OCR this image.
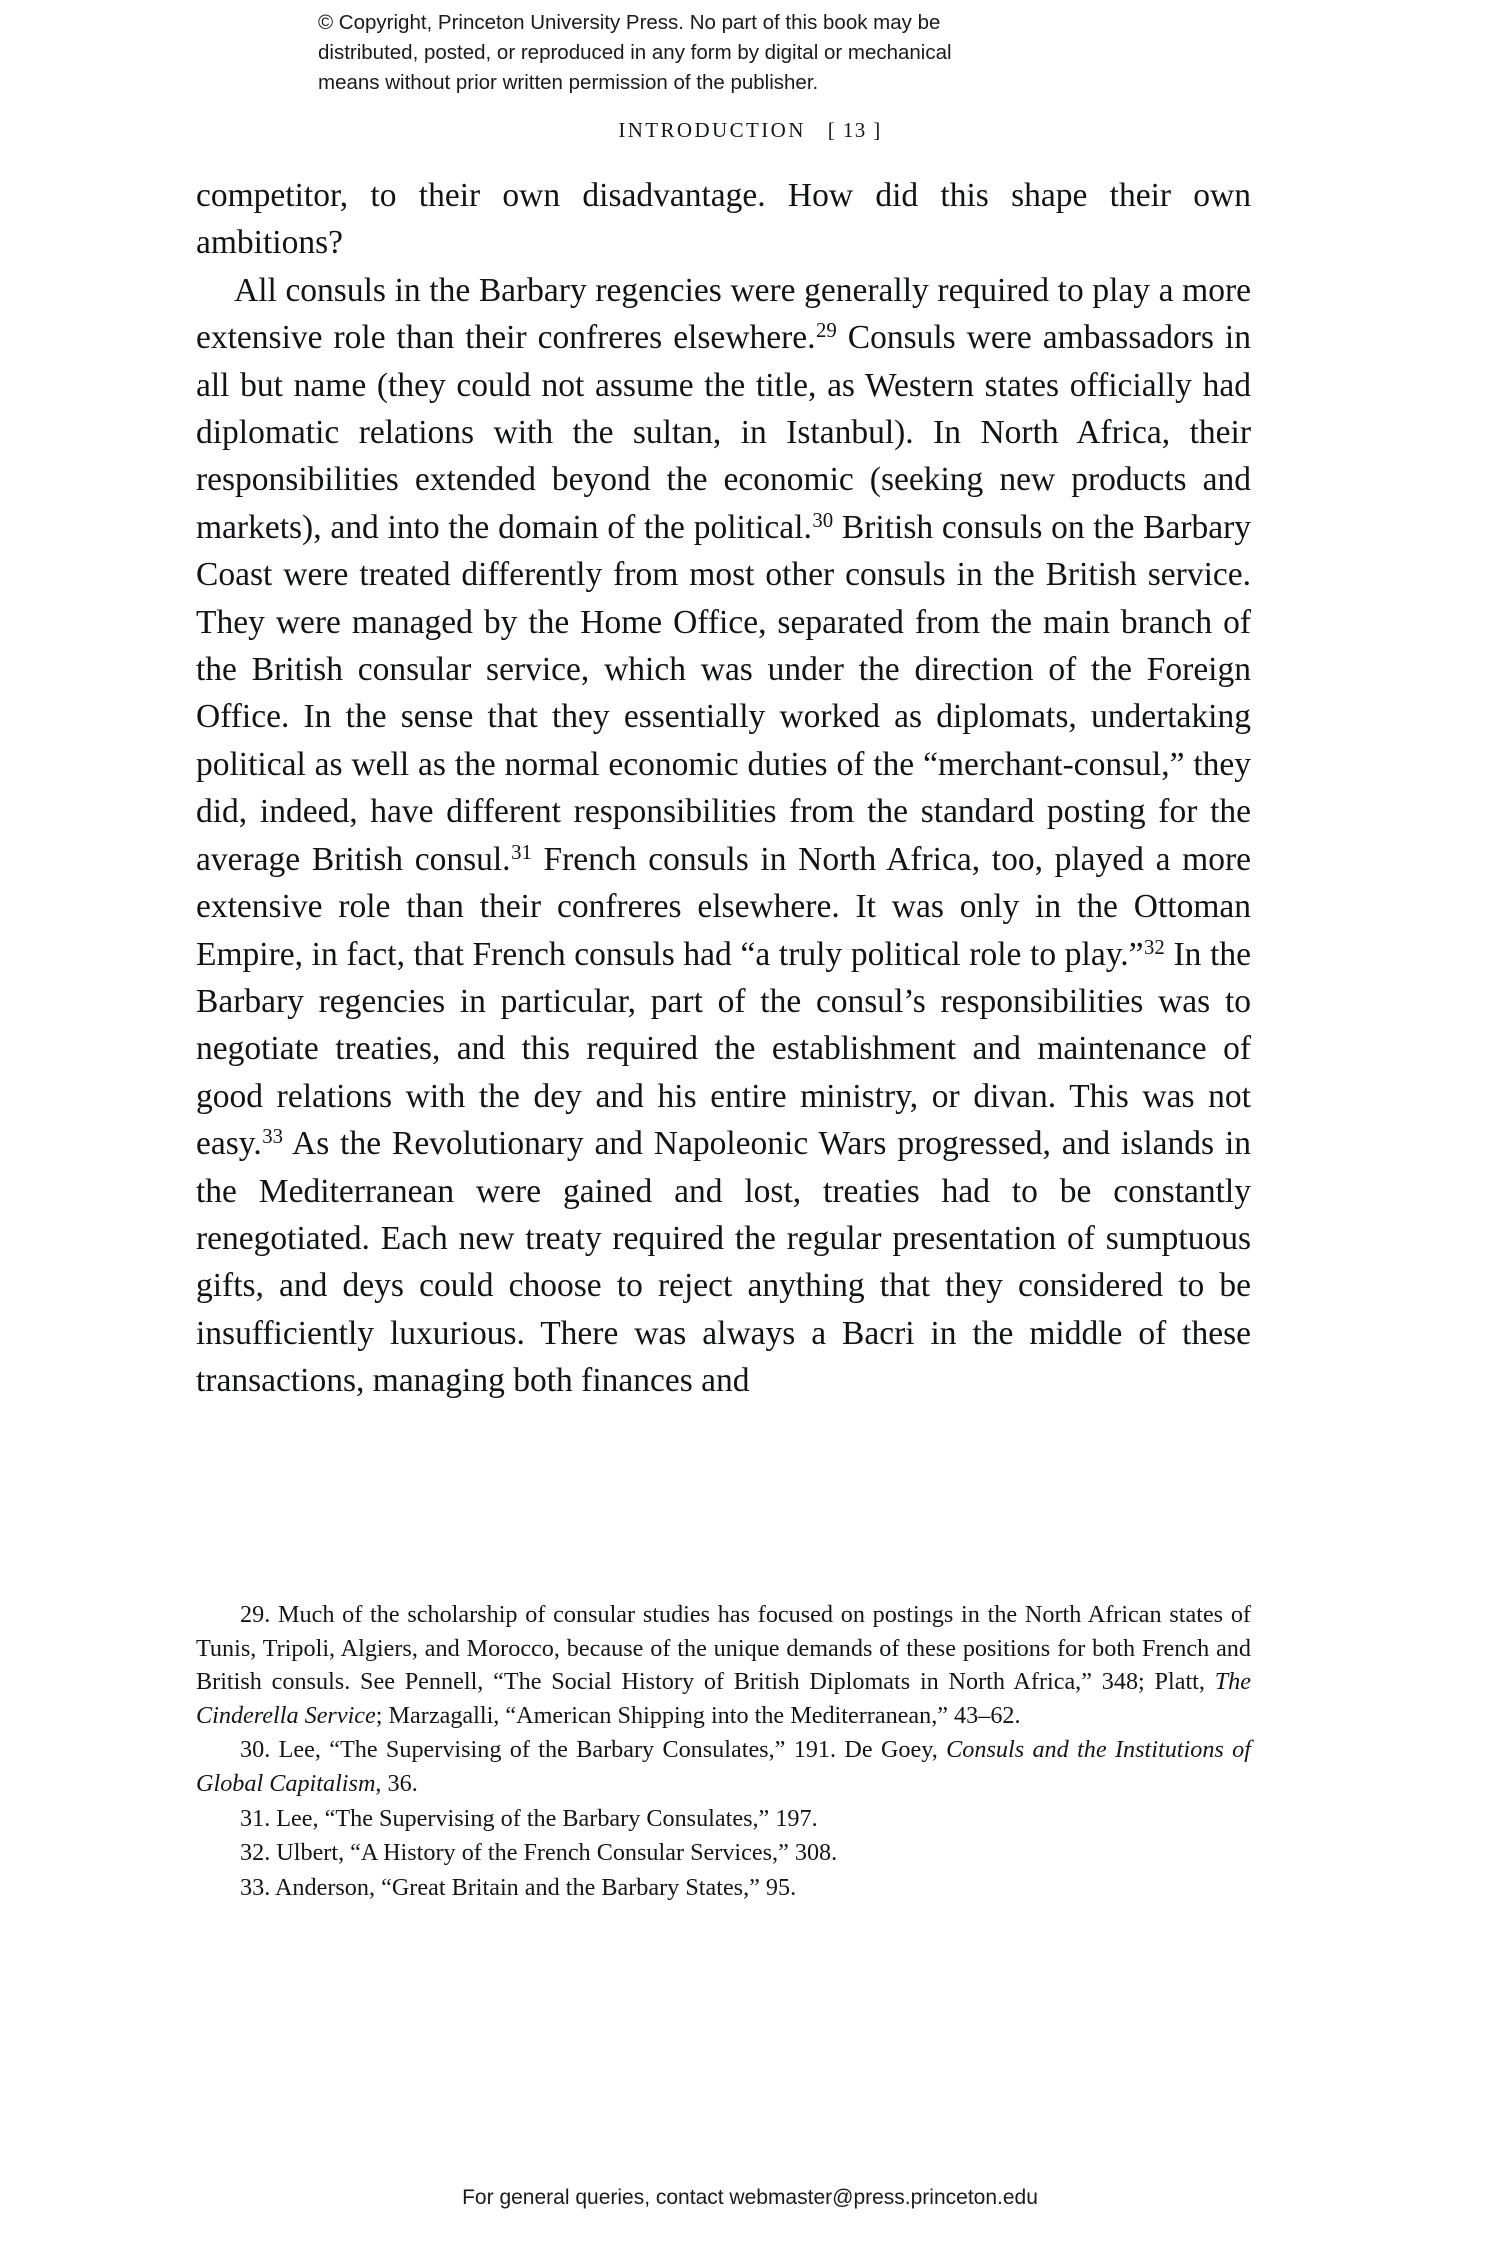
© Copyright, Princeton University Press. No part of this book may be
distributed, posted, or reproduced in any form by digital or mechanical
means without prior written permission of the publisher.
INTRODUCTION [ 13 ]

competitor, to their own disadvantage. How did this shape their own ambitions?

All consuls in the Barbary regencies were generally required to play a more extensive role than their confreres elsewhere.$^{29}$ Consuls were ambassadors in all but name (they could not assume the title, as Western states officially had diplomatic relations with the sultan, in Istanbul). In North Africa, their responsibilities extended beyond the economic (seeking new products and markets), and into the domain of the political.$^{30}$ British consuls on the Barbary Coast were treated differently from most other consuls in the British service. They were managed by the Home Office, separated from the main branch of the British consular service, which was under the direction of the Foreign Office. In the sense that they essentially worked as diplomats, undertaking political as well as the normal economic duties of the “merchant-consul,” they did, indeed, have different responsibilities from the standard posting for the average British consul.$^{31}$ French consuls in North Africa, too, played a more extensive role than their confreres elsewhere. It was only in the Ottoman Empire, in fact, that French consuls had “a truly political role to play.”$^{32}$ In the Barbary regencies in particular, part of the consul’s responsibilities was to negotiate treaties, and this required the establishment and maintenance of good relations with the dey and his entire ministry, or divan. This was not easy.$^{33}$ As the Revolutionary and Napoleonic Wars progressed, and islands in the Mediterranean were gained and lost, treaties had to be constantly renegotiated. Each new treaty required the regular presentation of sumptuous gifts, and deys could choose to reject anything that they considered to be insufficiently luxurious. There was always a Bacri in the middle of these transactions, managing both finances and

29. Much of the scholarship of consular studies has focused on postings in the North African states of Tunis, Tripoli, Algiers, and Morocco, because of the unique demands of these positions for both French and British consuls. See Pennell, “The Social History of British Diplomats in North Africa,” 348; Platt, The Cinderella Service; Marzagalli, “American Shipping into the Mediterranean,” 43–62.

30. Lee, “The Supervising of the Barbary Consulates,” 191. De Goey, Consuls and the Institutions of Global Capitalism, 36.

31. Lee, “The Supervising of the Barbary Consulates,” 197.

32. Ulbert, “A History of the French Consular Services,” 308.

33. Anderson, “Great Britain and the Barbary States,” 95.

For general queries, contact webmaster@press.princeton.edu
